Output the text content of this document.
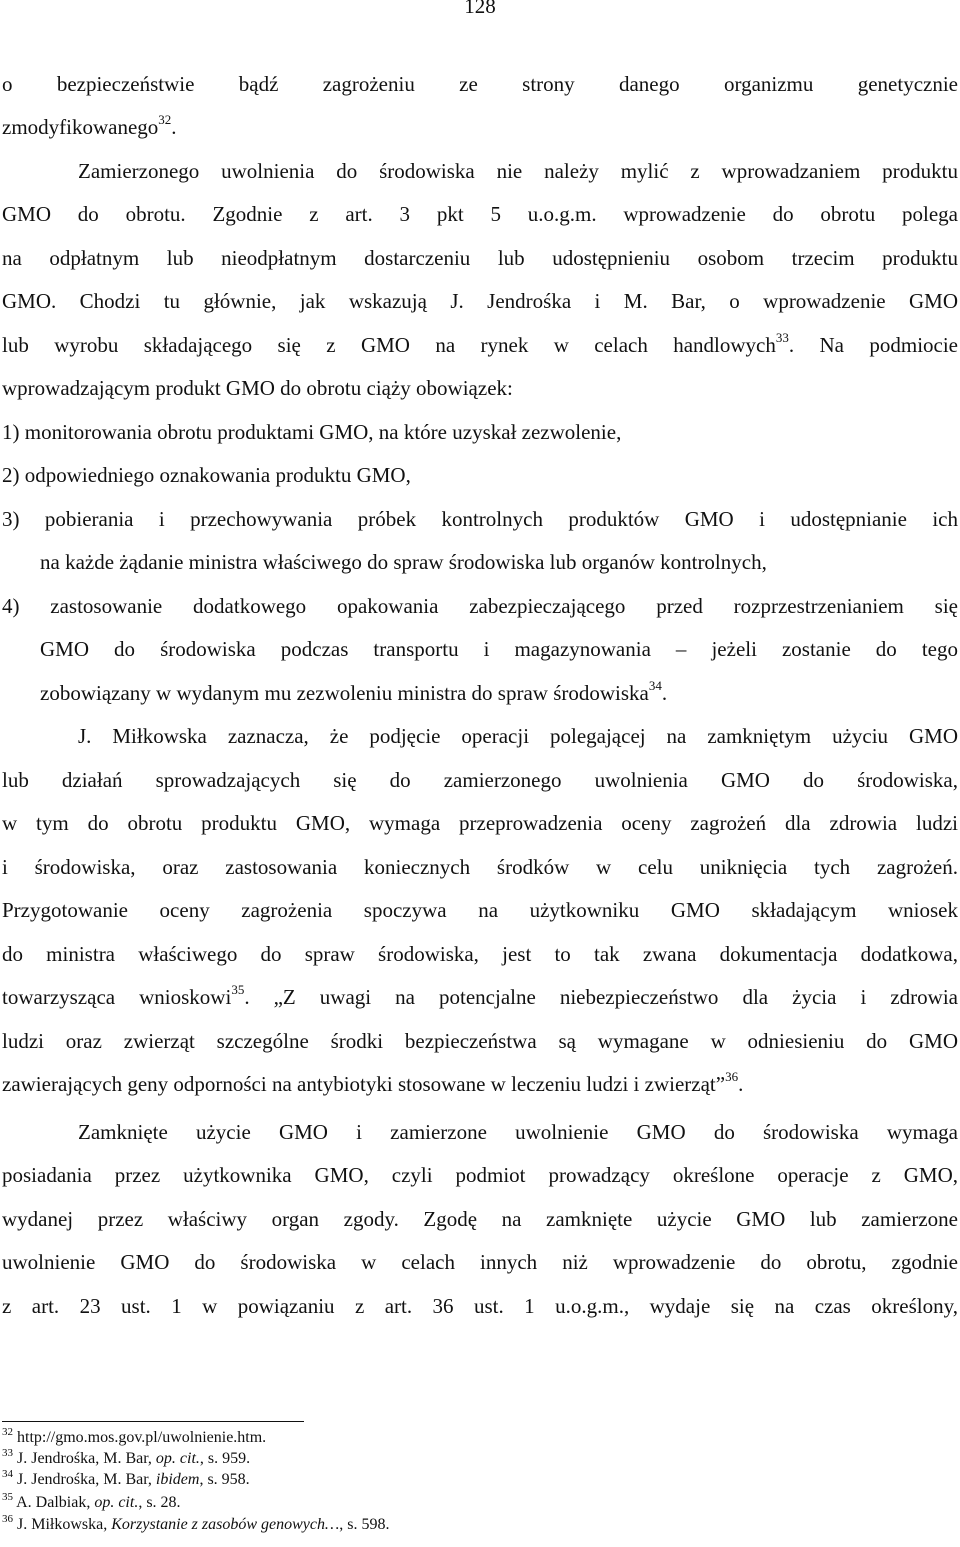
128
o bezpieczeństwie bądź zagrożeniu ze strony danego organizmu genetycznie
zmodyfikowanego$^{32}$.
Zamierzonego uwolnienia do środowiska nie należy mylić z wprowadzaniem produktu
GMO do obrotu. Zgodnie z art. 3 pkt 5 u.o.g.m. wprowadzenie do obrotu polega
na odpłatnym lub nieodpłatnym dostarczeniu lub udostępnieniu osobom trzecim produktu
GMO. Chodzi tu głównie, jak wskazują J. Jendrośka i M. Bar, o wprowadzenie GMO
lub wyrobu składającego się z GMO na rynek w celach handlowych$^{33}$. Na podmiocie
wprowadzającym produkt GMO do obrotu ciąży obowiązek:
1) monitorowania obrotu produktami GMO, na które uzyskał zezwolenie,
2) odpowiedniego oznakowania produktu GMO,
3) pobierania i przechowywania próbek kontrolnych produktów GMO i udostępnianie ich
na każde żądanie ministra właściwego do spraw środowiska lub organów kontrolnych,
4) zastosowanie dodatkowego opakowania zabezpieczającego przed rozprzestrzenianiem się
GMO do środowiska podczas transportu i magazynowania – jeżeli zostanie do tego
zobowiązany w wydanym mu zezwoleniu ministra do spraw środowiska$^{34}$.
J. Miłkowska zaznacza, że podjęcie operacji polegającej na zamkniętym użyciu GMO
lub działań sprowadzających się do zamierzonego uwolnienia GMO do środowiska,
w tym do obrotu produktu GMO, wymaga przeprowadzenia oceny zagrożeń dla zdrowia ludzi
i środowiska, oraz zastosowania koniecznych środków w celu uniknięcia tych zagrożeń.
Przygotowanie oceny zagrożenia spoczywa na użytkowniku GMO składającym wniosek
do ministra właściwego do spraw środowiska, jest to tak zwana dokumentacja dodatkowa,
towarzysząca wnioskowi$^{35}$. „Z uwagi na potencjalne niebezpieczeństwo dla życia i zdrowia
ludzi oraz zwierząt szczególne środki bezpieczeństwa są wymagane w odniesieniu do GMO
zawierających geny odporności na antybiotyki stosowane w leczeniu ludzi i zwierząt”$^{36}$.
Zamknięte użycie GMO i zamierzone uwolnienie GMO do środowiska wymaga
posiadania przez użytkownika GMO, czyli podmiot prowadzący określone operacje z GMO,
wydanej przez właściwy organ zgody. Zgodę na zamknięte użycie GMO lub zamierzone
uwolnienie GMO do środowiska w celach innych niż wprowadzenie do obrotu, zgodnie
z art. 23 ust. 1 w powiązaniu z art. 36 ust. 1 u.o.g.m., wydaje się na czas określony,
$^{32}$ http://gmo.mos.gov.pl/uwolnienie.htm.
$^{33}$ J. Jendrośka, M. Bar, op. cit., s. 959.
$^{34}$ J. Jendrośka, M. Bar, ibidem, s. 958.
$^{35}$ A. Dalbiak, op. cit., s. 28.
$^{36}$ J. Miłkowska, Korzystanie z zasobów genowych…, s. 598.
